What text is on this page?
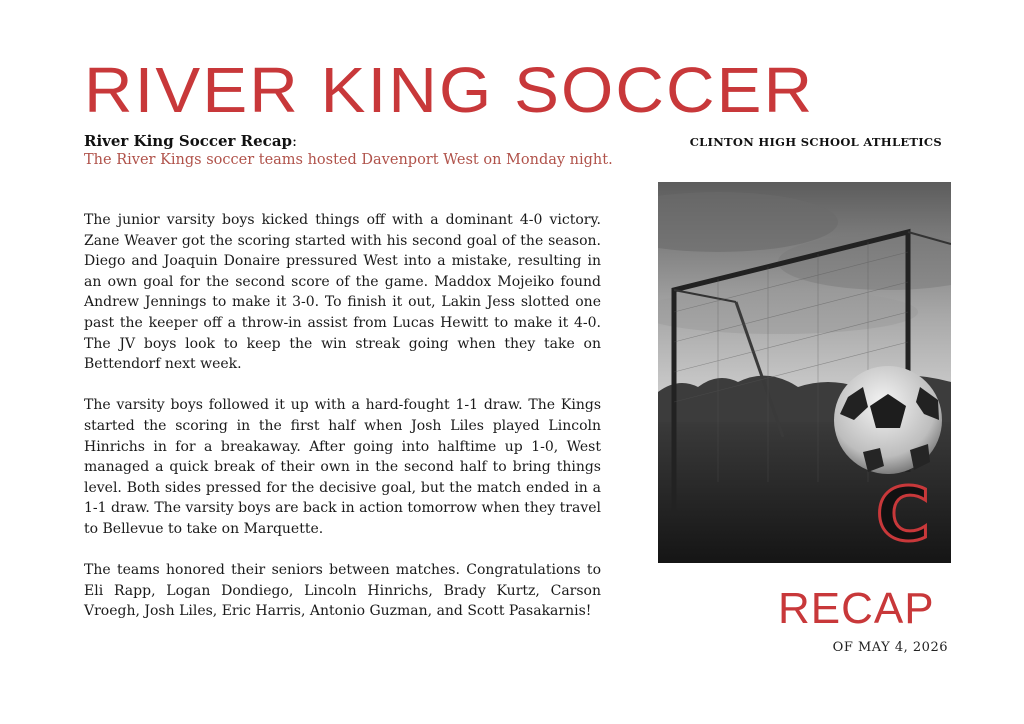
RIVER KING SOCCER
River King Soccer Recap:
The River Kings soccer teams hosted Davenport West on Monday night.
CLINTON HIGH SCHOOL ATHLETICS

The junior varsity boys kicked things off with a dominant 4-0 victory. Zane Weaver got the scoring started with his second goal of the season. Diego and Joaquin Donaire pressured West into a mistake, resulting in an own goal for the second score of the game. Maddox Mojeiko found Andrew Jennings to make it 3-0. To finish it out, Lakin Jess slotted one past the keeper off a throw-in assist from Lucas Hewitt to make it 4-0. The JV boys look to keep the win streak going when they take on Bettendorf next week.

The varsity boys followed it up with a hard-fought 1-1 draw. The Kings started the scoring in the first half when Josh Liles played Lincoln Hinrichs in for a breakaway. After going into halftime up 1-0, West managed a quick break of their own in the second half to bring things level. Both sides pressed for the decisive goal, but the match ended in a 1-1 draw. The varsity boys are back in action tomorrow when they travel to Bellevue to take on Marquette.

The teams honored their seniors between matches. Congratulations to Eli Rapp, Logan Dondiego, Lincoln Hinrichs, Brady Kurtz, Carson Vroegh, Josh Liles, Eric Harris, Antonio Guzman, and Scott Pasakarnis!

C
RECAP
OF MAY 4, 2026
